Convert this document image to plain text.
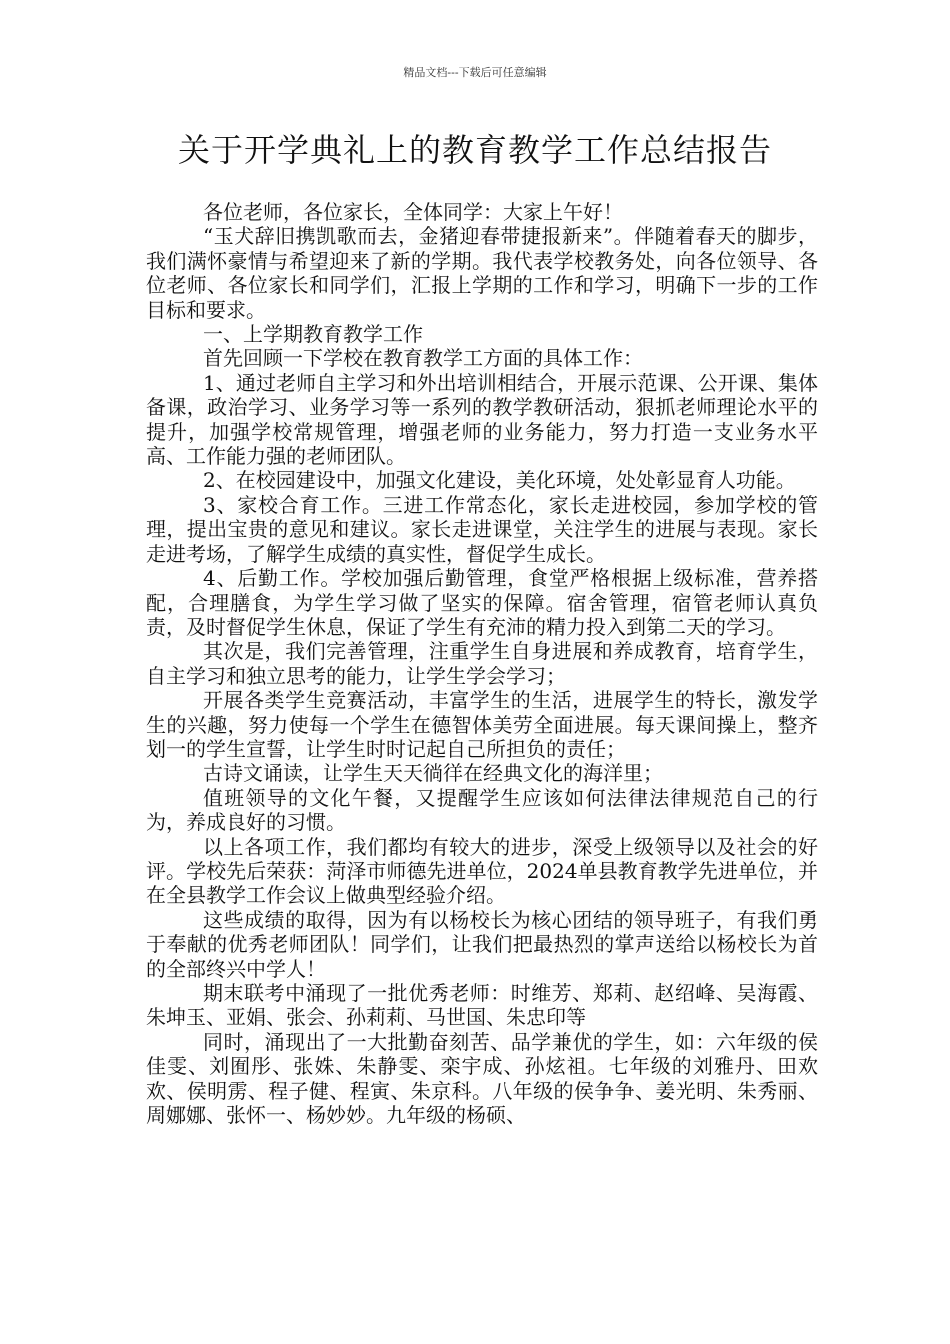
精品文档---下载后可任意编辑
关于开学典礼上的教育教学工作总结报告

各位老师，各位家长，全体同学：大家上午好！

“玉犬辞旧携凯歌而去，金猪迎春带捷报新来”。伴随着春天的脚步，我们满怀豪情与希望迎来了新的学期。我代表学校教务处，向各位领导、各位老师、各位家长和同学们，汇报上学期的工作和学习，明确下一步的工作目标和要求。

一、上学期教育教学工作

首先回顾一下学校在教育教学工方面的具体工作：

1、通过老师自主学习和外出培训相结合，开展示范课、公开课、集体备课，政治学习、业务学习等一系列的教学教研活动，狠抓老师理论水平的提升，加强学校常规管理，增强老师的业务能力，努力打造一支业务水平高、工作能力强的老师团队。

2、在校园建设中，加强文化建设，美化环境，处处彰显育人功能。

3、家校合育工作。三进工作常态化，家长走进校园，参加学校的管理，提出宝贵的意见和建议。家长走进课堂，关注学生的进展与表现。家长走进考场，了解学生成绩的真实性，督促学生成长。

4、后勤工作。学校加强后勤管理，食堂严格根据上级标准，营养搭配，合理膳食，为学生学习做了坚实的保障。宿舍管理，宿管老师认真负责，及时督促学生休息，保证了学生有充沛的精力投入到第二天的学习。

其次是，我们完善管理，注重学生自身进展和养成教育，培育学生，自主学习和独立思考的能力，让学生学会学习；

开展各类学生竞赛活动，丰富学生的生活，进展学生的特长，激发学生的兴趣，努力使每一个学生在德智体美劳全面进展。每天课间操上，整齐划一的学生宣誓，让学生时时记起自己所担负的责任；

古诗文诵读，让学生天天徜徉在经典文化的海洋里；

值班领导的文化午餐，又提醒学生应该如何法律法律规范自己的行为，养成良好的习惯。

以上各项工作，我们都均有较大的进步，深受上级领导以及社会的好评。学校先后荣获：菏泽市师德先进单位，2024单县教育教学先进单位，并在全县教学工作会议上做典型经验介绍。

这些成绩的取得，因为有以杨校长为核心团结的领导班子，有我们勇于奉献的优秀老师团队！同学们，让我们把最热烈的掌声送给以杨校长为首的全部终兴中学人！

期末联考中涌现了一批优秀老师：时维芳、郑莉、赵绍峰、吴海霞、朱坤玉、亚娟、张会、孙莉莉、马世国、朱忠印等

同时，涌现出了一大批勤奋刻苦、品学兼优的学生，如：六年级的侯佳雯、刘囿彤、张姝、朱静雯、栾宇成、孙炫祖。七年级的刘雅丹、田欢欢、侯明雳、程子健、程寅、朱京科。八年级的侯争争、姜光明、朱秀丽、周娜娜、张怀一、杨妙妙。九年级的杨硕、
